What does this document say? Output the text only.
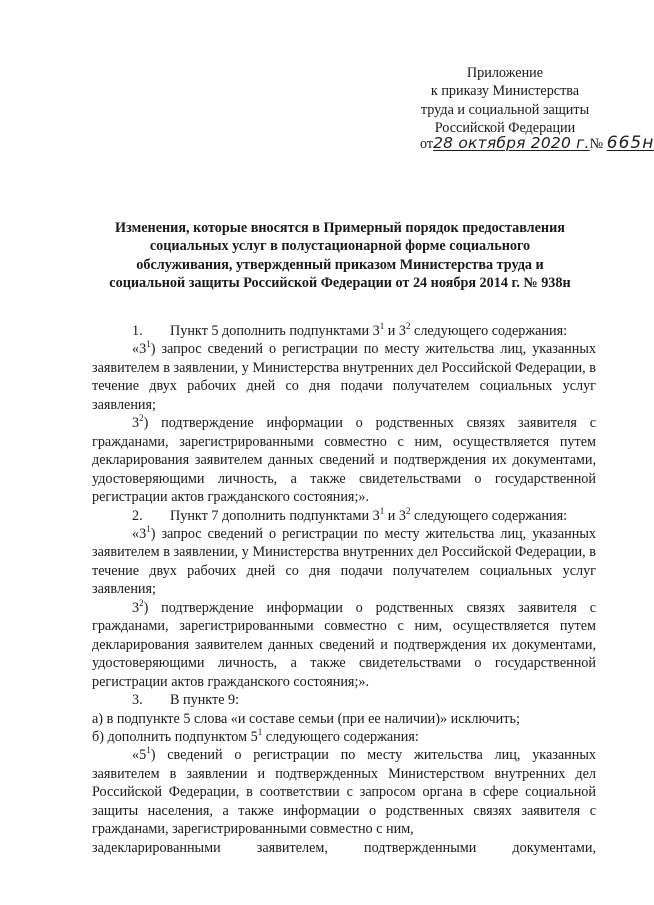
Приложение
к приказу Министерства
труда и социальной защиты
Российской Федерации
от28 октября 2020 г.№ 665н
Изменения, которые вносятся в Примерный порядок предоставления
социальных услуг в полустационарной форме социального
обслуживания, утвержденный приказом Министерства труда и
социальной защиты Российской Федерации от 24 ноября 2014 г. № 938н
1.	Пункт 5 дополнить подпунктами $3^1$ и $3^2$ следующего содержания:
«$3^1$) запрос сведений о регистрации по месту жительства лиц, указанных заявителем в заявлении, у Министерства внутренних дел Российской Федерации, в течение двух рабочих дней со дня подачи получателем социальных услуг заявления;
$3^2$) подтверждение информации о родственных связях заявителя с гражданами, зарегистрированными совместно с ним, осуществляется путем декларирования заявителем данных сведений и подтверждения их документами, удостоверяющими личность, а также свидетельствами о государственной регистрации актов гражданского состояния;».
2.	Пункт 7 дополнить подпунктами $3^1$ и $3^2$ следующего содержания:
«$3^1$) запрос сведений о регистрации по месту жительства лиц, указанных заявителем в заявлении, у Министерства внутренних дел Российской Федерации, в течение двух рабочих дней со дня подачи получателем социальных услуг заявления;
$3^2$) подтверждение информации о родственных связях заявителя с гражданами, зарегистрированными совместно с ним, осуществляется путем декларирования заявителем данных сведений и подтверждения их документами, удостоверяющими личность, а также свидетельствами о государственной регистрации актов гражданского состояния;».
3.	В пункте 9:
а) в подпункте 5 слова «и составе семьи (при ее наличии)» исключить;
б) дополнить подпунктом $5^1$ следующего содержания:
«$5^1$) сведений о регистрации по месту жительства лиц, указанных заявителем в заявлении и подтвержденных Министерством внутренних дел Российской Федерации, в соответствии с запросом органа в сфере социальной защиты населения, а также информации о родственных связях заявителя с гражданами, зарегистрированными совместно с ним,
задекларированными заявителем, подтвержденными документами,
